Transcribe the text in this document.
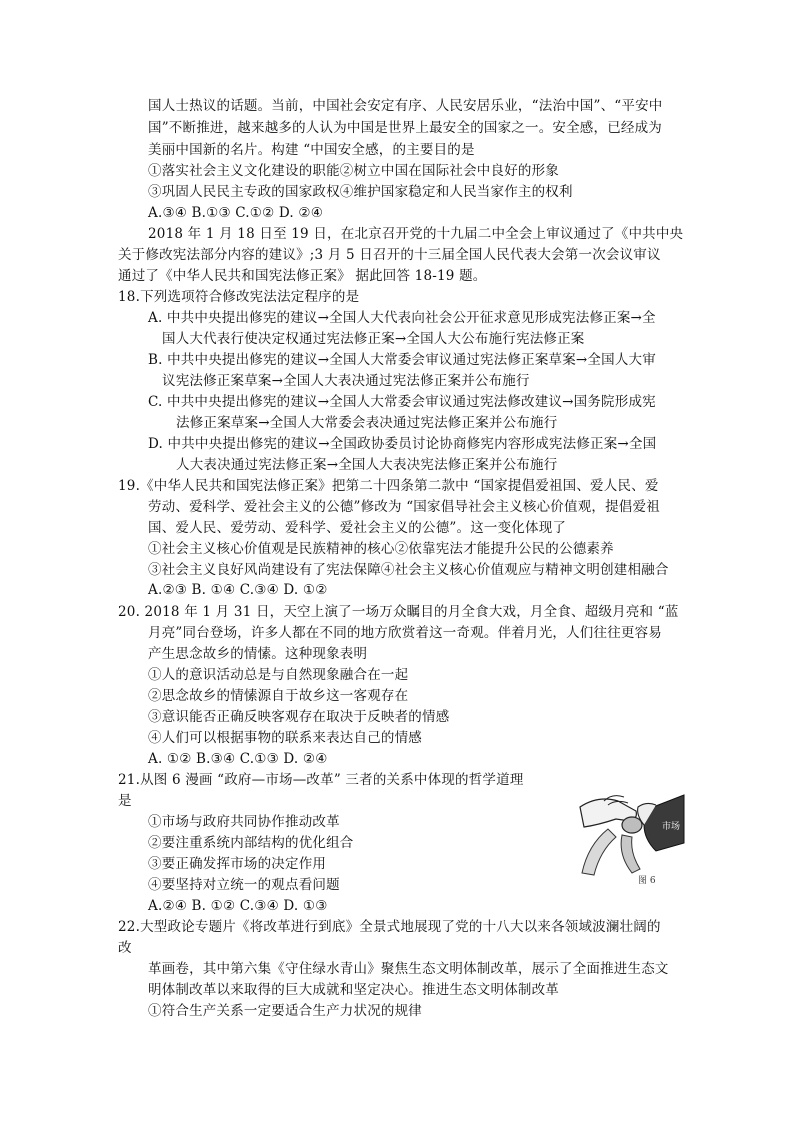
国人士热议的话题。当前，中国社会安定有序、人民安居乐业，“法治中国”、“平安中
国”不断推进，越来越多的人认为中国是世界上最安全的国家之一。安全感，已经成为
美丽中国新的名片。构建 “中国安全感，的主要目的是
①落实社会主义文化建设的职能②树立中国在国际社会中良好的形象
③巩固人民民主专政的国家政权④维护国家稳定和人民当家作主的权利
A.③④ B.①③ C.①② D. ②④
2018 年 1 月 18 日至 19 日，在北京召开党的十九届二中全会上审议通过了《中共中央
关于修改宪法部分内容的建议》;3 月 5 日召开的十三届全国人民代表大会第一次会议审议
通过了《中华人民共和国宪法修正案》 据此回答 18-19 题。
18.下列选项符合修改宪法法定程序的是
A. 中共中央提出修宪的建议→全国人大代表向社会公开征求意见形成宪法修正案→全
国人大代表行使决定权通过宪法修正案→全国人大公布施行宪法修正案
B. 中共中央提出修宪的建议→全国人大常委会审议通过宪法修正案草案→全国人大审
议宪法修正案草案→全国人大表决通过宪法修正案并公布施行
C. 中共中央提出修宪的建议→全国人大常委会审议通过宪法修改建议→国务院形成宪
法修正案草案→全国人大常委会表决通过宪法修正案并公布施行
D. 中共中央提出修宪的建议→全国政协委员讨论协商修宪内容形成宪法修正案→全国
人大表决通过宪法修正案→全国人大表决宪法修正案并公布施行
19.《中华人民共和国宪法修正案》把第二十四条第二款中 “国家提倡爱祖国、爱人民、爱
劳动、爱科学、爱社会主义的公德”修改为 “国家倡导社会主义核心价值观，提倡爱祖
国、爱人民、爱劳动、爱科学、爱社会主义的公德”。这一变化体现了
①社会主义核心价值观是民族精神的核心②依靠宪法才能提升公民的公德素养
③社会主义良好风尚建设有了宪法保障④社会主义核心价值观应与精神文明创建相融合
A.②③ B. ①④ C.③④ D. ①②
20. 2018 年 1 月 31 日，天空上演了一场万众瞩目的月全食大戏，月全食、超级月亮和 “蓝
月亮”同台登场，许多人都在不同的地方欣赏着这一奇观。伴着月光，人们往往更容易
产生思念故乡的情愫。这种现象表明
①人的意识活动总是与自然现象融合在一起
②思念故乡的情愫源自于故乡这一客观存在
③意识能否正确反映客观存在取决于反映者的情感
④人们可以根据事物的联系来表达自己的情感
A. ①② B.③④ C.①③ D. ②④
21.从图 6 漫画 “政府—市场—改革” 三者的关系中体现的哲学道理
是
①市场与政府共同协作推动改革
②要注重系统内部结构的优化组合
③要正确发挥市场的决定作用
④要坚持对立统一的观点看问题
A.②④ B. ①② C.③④ D. ①③
22.大型政论专题片《将改革进行到底》全景式地展现了党的十八大以来各领域波澜壮阔的
改
革画卷，其中第六集《守住绿水青山》聚焦生态文明体制改革，展示了全面推进生态文
明体制改革以来取得的巨大成就和坚定决心。推进生态文明体制改革
①符合生产关系一定要适合生产力状况的规律
市场
图 6
